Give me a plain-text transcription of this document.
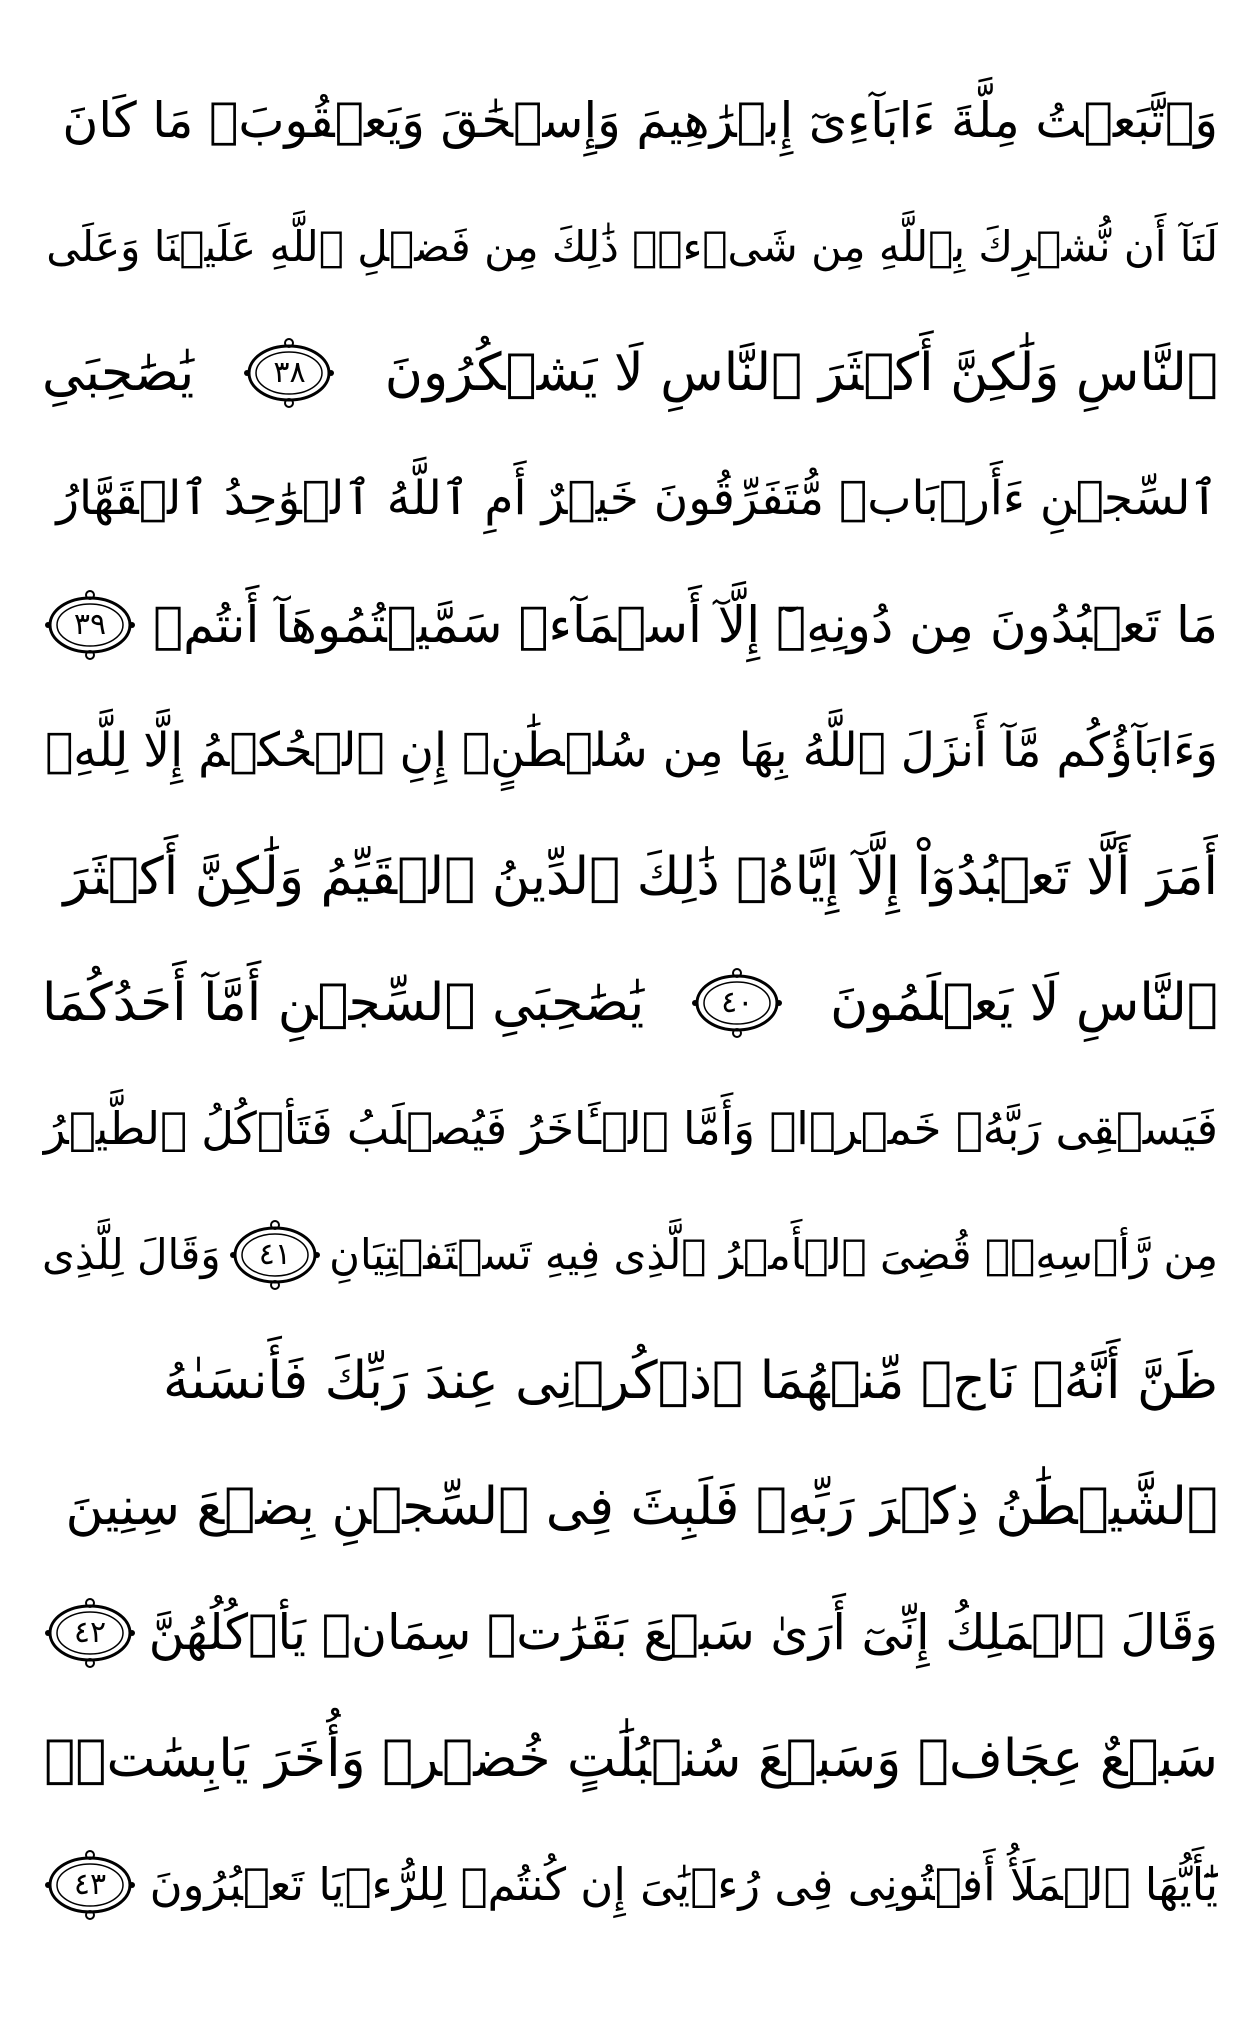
وَٱتَّبَعۡتُ مِلَّةَ ءَابَآءِیٓ إِبۡرَٰهِیمَ وَإِسۡحَٰقَ وَیَعۡقُوبَۚ مَا كَانَ
لَنَآ أَن نُّشۡرِكَ بِٱللَّهِ مِن شَیۡءࣲۚ ذَٰلِكَ مِن فَضۡلِ ٱللَّهِ عَلَیۡنَا وَعَلَى
ٱلنَّاسِ وَلَٰكِنَّ أَكۡثَرَ ٱلنَّاسِ لَا یَشۡكُرُونَ
٣٨
یَٰصَٰحِبَیِ
ٱلسِّجۡنِ ءَأَرۡبَابࣱ مُّتَفَرِّقُونَ خَیۡرٌ أَمِ ٱللَّهُ ٱلۡوَٰحِدُ ٱلۡقَهَّارُ
مَا تَعۡبُدُونَ مِن دُونِهِۦٓ إِلَّآ أَسۡمَآءࣰ سَمَّیۡتُمُوهَآ أَنتُمۡ
٣٩
وَءَابَآؤُكُم مَّآ أَنزَلَ ٱللَّهُ بِهَا مِن سُلۡطَٰنٍۚ إِنِ ٱلۡحُكۡمُ إِلَّا لِلَّهِۚ
أَمَرَ أَلَّا تَعۡبُدُوٓاْ إِلَّآ إِیَّاهُۚ ذَٰلِكَ ٱلدِّینُ ٱلۡقَیِّمُ وَلَٰكِنَّ أَكۡثَرَ
ٱلنَّاسِ لَا یَعۡلَمُونَ
٤٠
یَٰصَٰحِبَیِ ٱلسِّجۡنِ أَمَّآ أَحَدُكُمَا
فَیَسۡقِی رَبَّهُۥ خَمۡرࣰاۖ وَأَمَّا ٱلۡـَٔاخَرُ فَیُصۡلَبُ فَتَأۡكُلُ ٱلطَّیۡرُ
مِن رَّأۡسِهِۦۚ قُضِیَ ٱلۡأَمۡرُ ٱلَّذِی فِیهِ تَسۡتَفۡتِیَانِ
٤١
وَقَالَ لِلَّذِی
ظَنَّ أَنَّهُۥ نَاجࣲ مِّنۡهُمَا ٱذۡكُرۡنِی عِندَ رَبِّكَ فَأَنسَىٰهُ
ٱلشَّیۡطَٰنُ ذِكۡرَ رَبِّهِۦ فَلَبِثَ فِی ٱلسِّجۡنِ بِضۡعَ سِنِینَ
وَقَالَ ٱلۡمَلِكُ إِنِّیٓ أَرَىٰ سَبۡعَ بَقَرَٰتࣲ سِمَانࣲ یَأۡكُلُهُنَّ
٤٢
سَبۡعٌ عِجَافࣱ وَسَبۡعَ سُنۢبُلَٰتٍ خُضۡرࣲ وَأُخَرَ یَابِسَٰتࣲۖ
یَٰٓأَیُّهَا ٱلۡمَلَأُ أَفۡتُونِی فِی رُءۡیَٰیَ إِن كُنتُمۡ لِلرُّءۡیَا تَعۡبُرُونَ
٤٣
